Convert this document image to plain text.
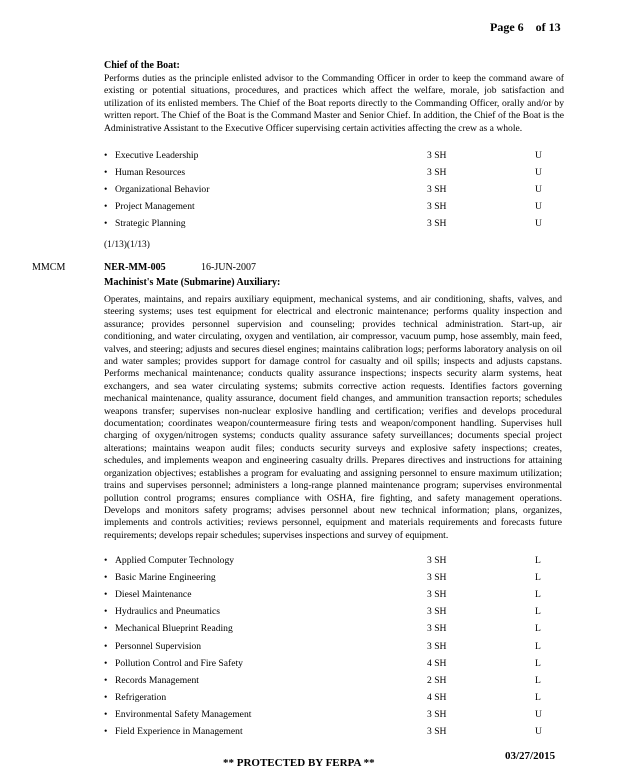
Page 6 of 13
Chief of the Boat:
Performs duties as the principle enlisted advisor to the Commanding Officer in order to keep the command aware of existing or potential situations, procedures, and practices which affect the welfare, morale, job satisfaction and utilization of its enlisted members. The Chief of the Boat reports directly to the Commanding Officer, orally and/or by written report. The Chief of the Boat is the Command Master and Senior Chief. In addition, the Chief of the Boat is the Administrative Assistant to the Executive Officer supervising certain activities affecting the crew as a whole.
• Executive Leadership	3 SH	U
• Human Resources	3 SH	U
• Organizational Behavior	3 SH	U
• Project Management	3 SH	U
• Strategic Planning	3 SH	U
(1/13)(1/13)
MMCM	NER-MM-005	16-JUN-2007
Machinist's Mate (Submarine) Auxiliary:
Operates, maintains, and repairs auxiliary equipment, mechanical systems, and air conditioning, shafts, valves, and steering systems; uses test equipment for electrical and electronic maintenance; performs quality inspection and assurance; provides personnel supervision and counseling; provides technical administration. Start-up, air conditioning, and water circulating, oxygen and ventilation, air compressor, vacuum pump, hose assembly, main feed, valves, and steering; adjusts and secures diesel engines; maintains calibration logs; performs laboratory analysis on oil and water samples; provides support for damage control for casualty and oil spills; inspects and adjusts capstans. Performs mechanical maintenance; conducts quality assurance inspections; inspects security alarm systems, heat exchangers, and sea water circulating systems; submits corrective action requests. Identifies factors governing mechanical maintenance, quality assurance, document field changes, and ammunition transaction reports; schedules weapons transfer; supervises non-nuclear explosive handling and certification; verifies and develops procedural documentation; coordinates weapon/countermeasure firing tests and weapon/component handling. Supervises hull charging of oxygen/nitrogen systems; conducts quality assurance safety surveillances; documents special project alterations; maintains weapon audit files; conducts security surveys and explosive safety inspections; creates, schedules, and implements weapon and engineering casualty drills. Prepares directives and instructions for attaining organization objectives; establishes a program for evaluating and assigning personnel to ensure maximum utilization; trains and supervises personnel; administers a long-range planned maintenance program; supervises environmental pollution control programs; ensures compliance with OSHA, fire fighting, and safety management operations. Develops and monitors safety programs; advises personnel about new technical information; plans, organizes, implements and controls activities; reviews personnel, equipment and materials requirements and forecasts future requirements; develops repair schedules; supervises inspections and survey of equipment.
• Applied Computer Technology	3 SH	L
• Basic Marine Engineering	3 SH	L
• Diesel Maintenance	3 SH	L
• Hydraulics and Pneumatics	3 SH	L
• Mechanical Blueprint Reading	3 SH	L
• Personnel Supervision	3 SH	L
• Pollution Control and Fire Safety	4 SH	L
• Records Management	2 SH	L
• Refrigeration	4 SH	L
• Environmental Safety Management	3 SH	U
• Field Experience in Management	3 SH	U
** PROTECTED BY FERPA **
03/27/2015
